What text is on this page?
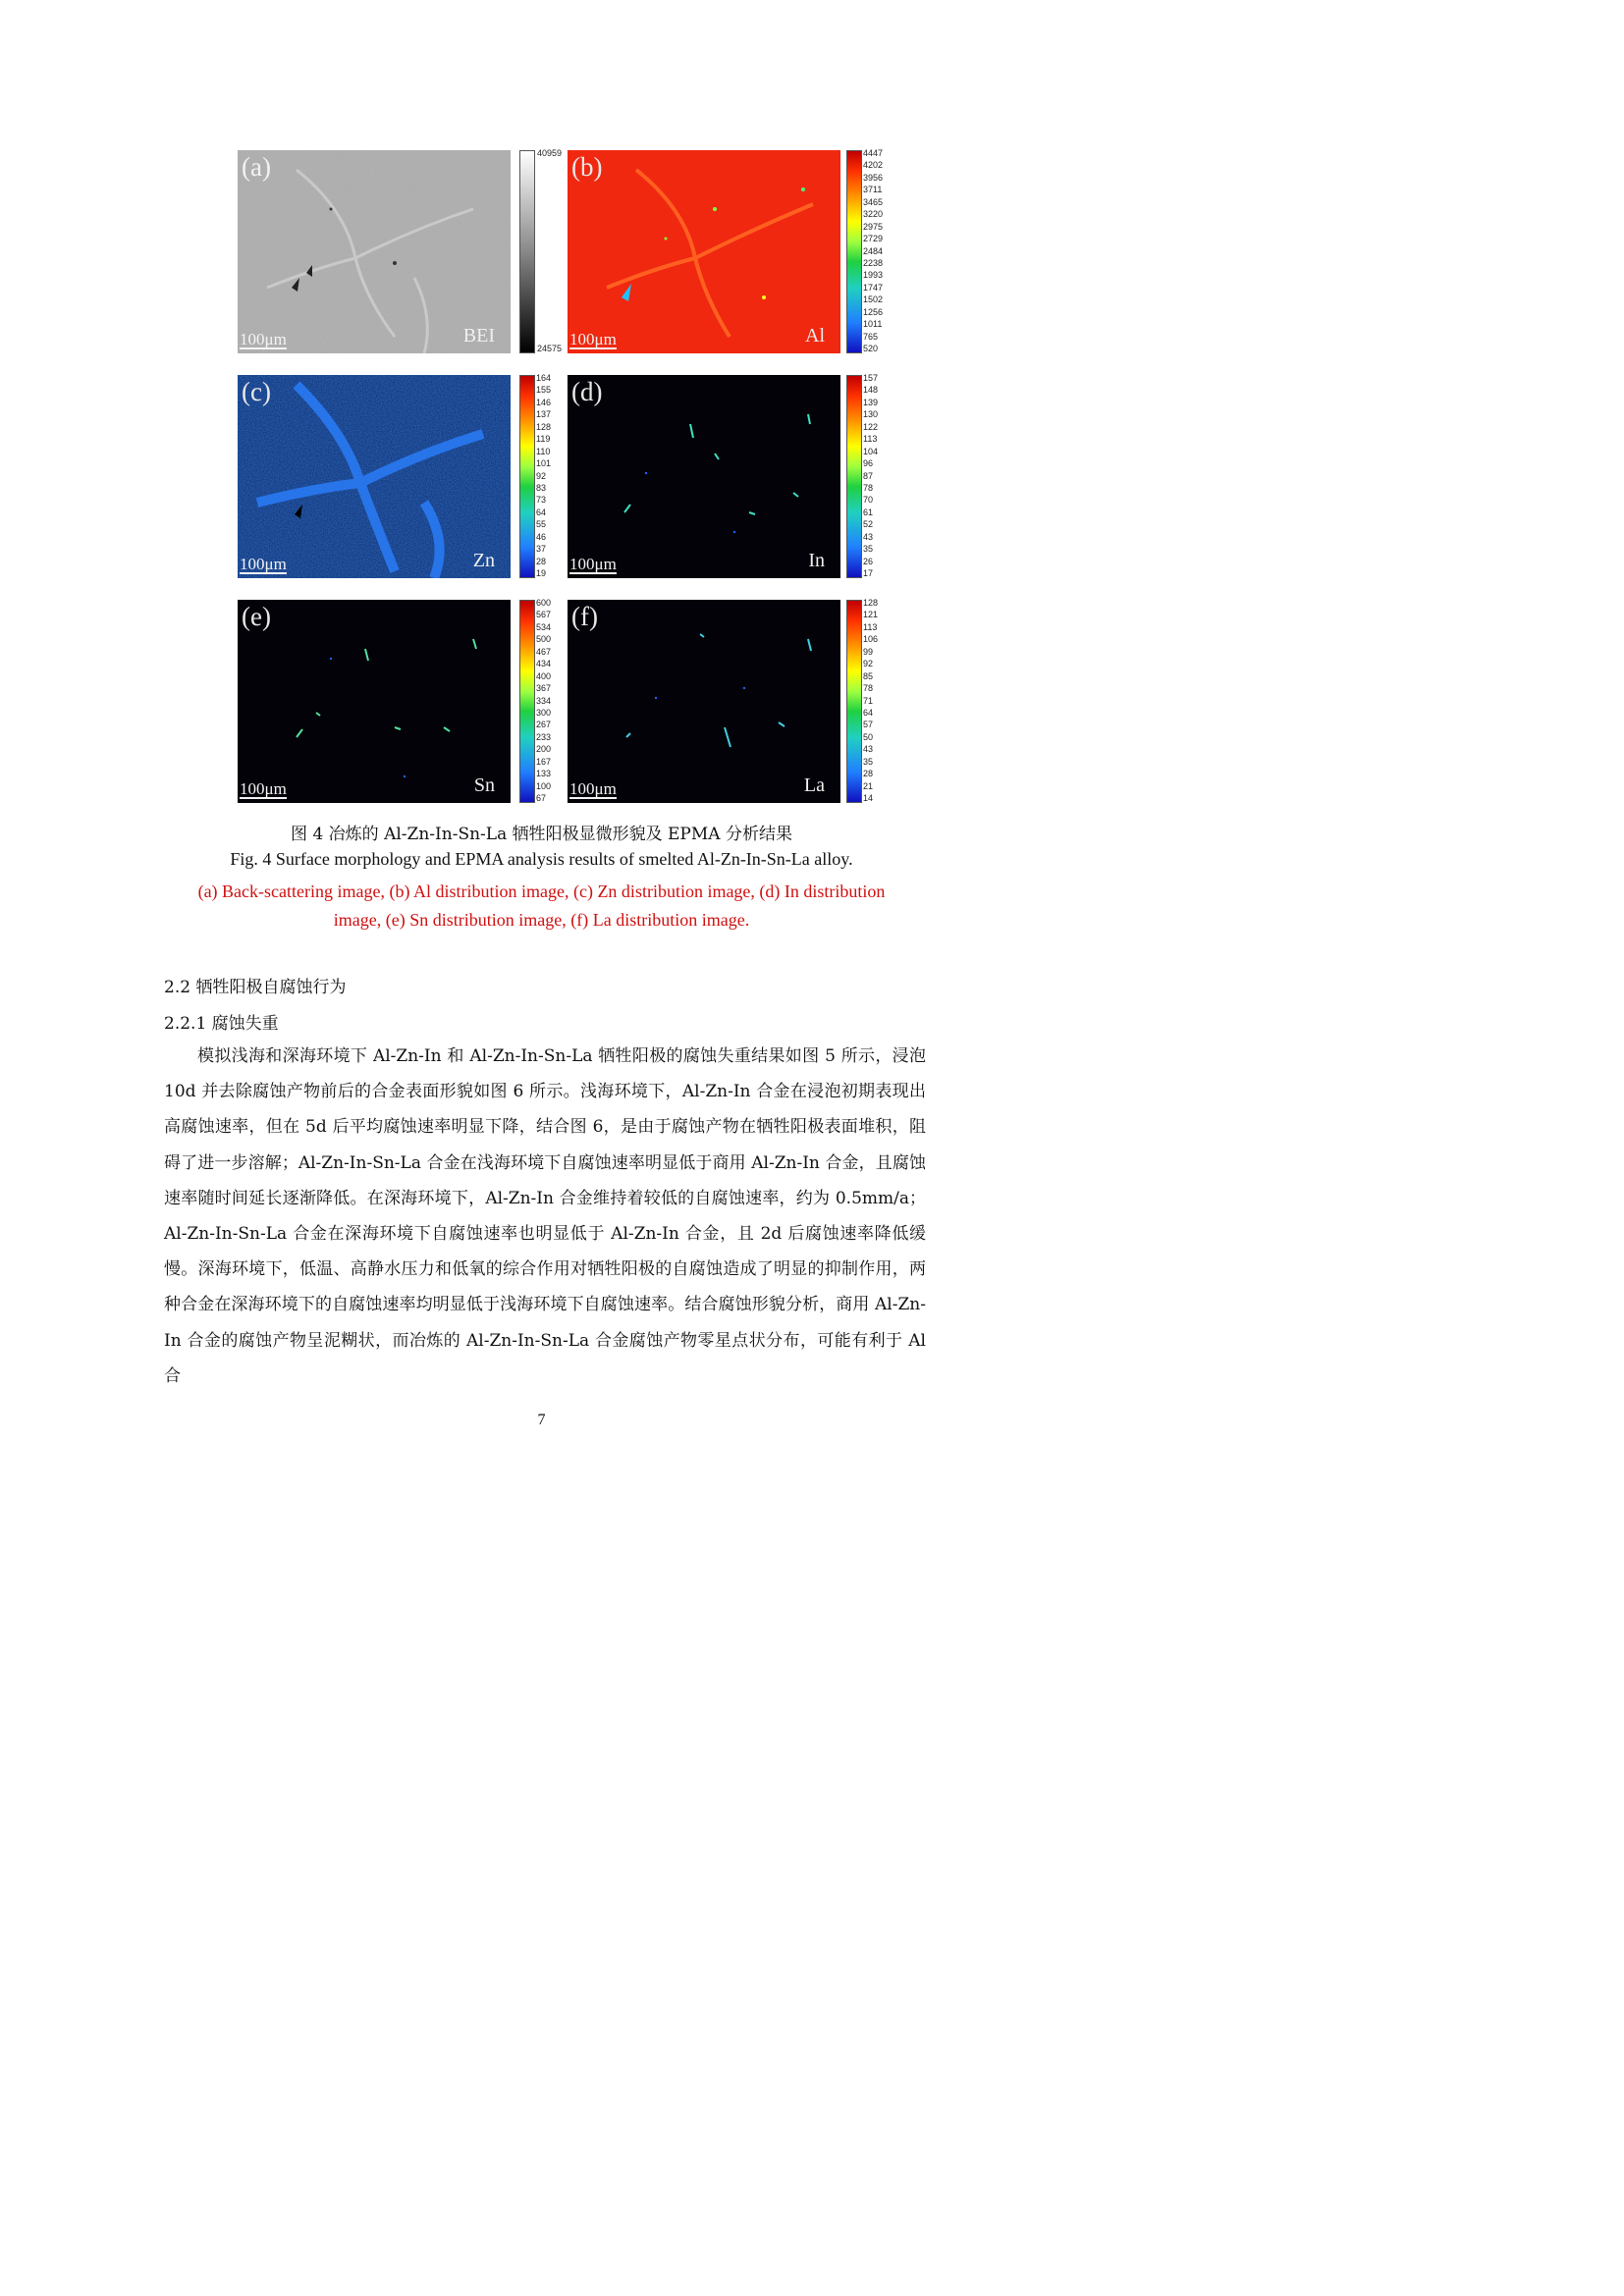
(a)
100μm	BEI
40959
24575
(b)
100μm	Al
4447
4202
3956
3711
3465
3220
2975
2729
2484
2238
1993
1747
1502
1256
1011
765
520
(c)
100μm	Zn
164
155
146
137
128
119
110
101
92
83
73
64
55
46
37
28
19
(d)
100μm	In
157
148
139
130
122
113
104
96
87
78
70
61
52
43
35
26
17
(e)
100μm	Sn
600
567
534
500
467
434
400
367
334
300
267
233
200
167
133
100
67
(f)
100μm	La
128
121
113
106
99
92
85
78
71
64
57
50
43
35
28
21
14
图 4 冶炼的 Al-Zn-In-Sn-La 牺牲阳极显微形貌及 EPMA 分析结果
Fig. 4 Surface morphology and EPMA analysis results of smelted Al-Zn-In-Sn-La alloy.
(a) Back-scattering image, (b) Al distribution image, (c) Zn distribution image, (d) In distribution
image, (e) Sn distribution image, (f) La distribution image.
2.2 牺牲阳极自腐蚀行为
2.2.1 腐蚀失重

模拟浅海和深海环境下 Al-Zn-In 和 Al-Zn-In-Sn-La 牺牲阳极的腐蚀失重结果如图 5 所示，浸泡 10d 并去除腐蚀产物前后的合金表面形貌如图 6 所示。浅海环境下，Al-Zn-In 合金在浸泡初期表现出高腐蚀速率，但在 5d 后平均腐蚀速率明显下降，结合图 6，是由于腐蚀产物在牺牲阳极表面堆积，阻碍了进一步溶解；Al-Zn-In-Sn-La 合金在浅海环境下自腐蚀速率明显低于商用 Al-Zn-In 合金，且腐蚀速率随时间延长逐渐降低。在深海环境下，Al-Zn-In 合金维持着较低的自腐蚀速率，约为 0.5mm/a；Al-Zn-In-Sn-La 合金在深海环境下自腐蚀速率也明显低于 Al-Zn-In 合金，且 2d 后腐蚀速率降低缓慢。深海环境下，低温、高静水压力和低氧的综合作用对牺牲阳极的自腐蚀造成了明显的抑制作用，两种合金在深海环境下的自腐蚀速率均明显低于浅海环境下自腐蚀速率。结合腐蚀形貌分析，商用 Al-Zn-In 合金的腐蚀产物呈泥糊状，而冶炼的 Al-Zn-In-Sn-La 合金腐蚀产物零星点状分布，可能有利于 Al 合

7
